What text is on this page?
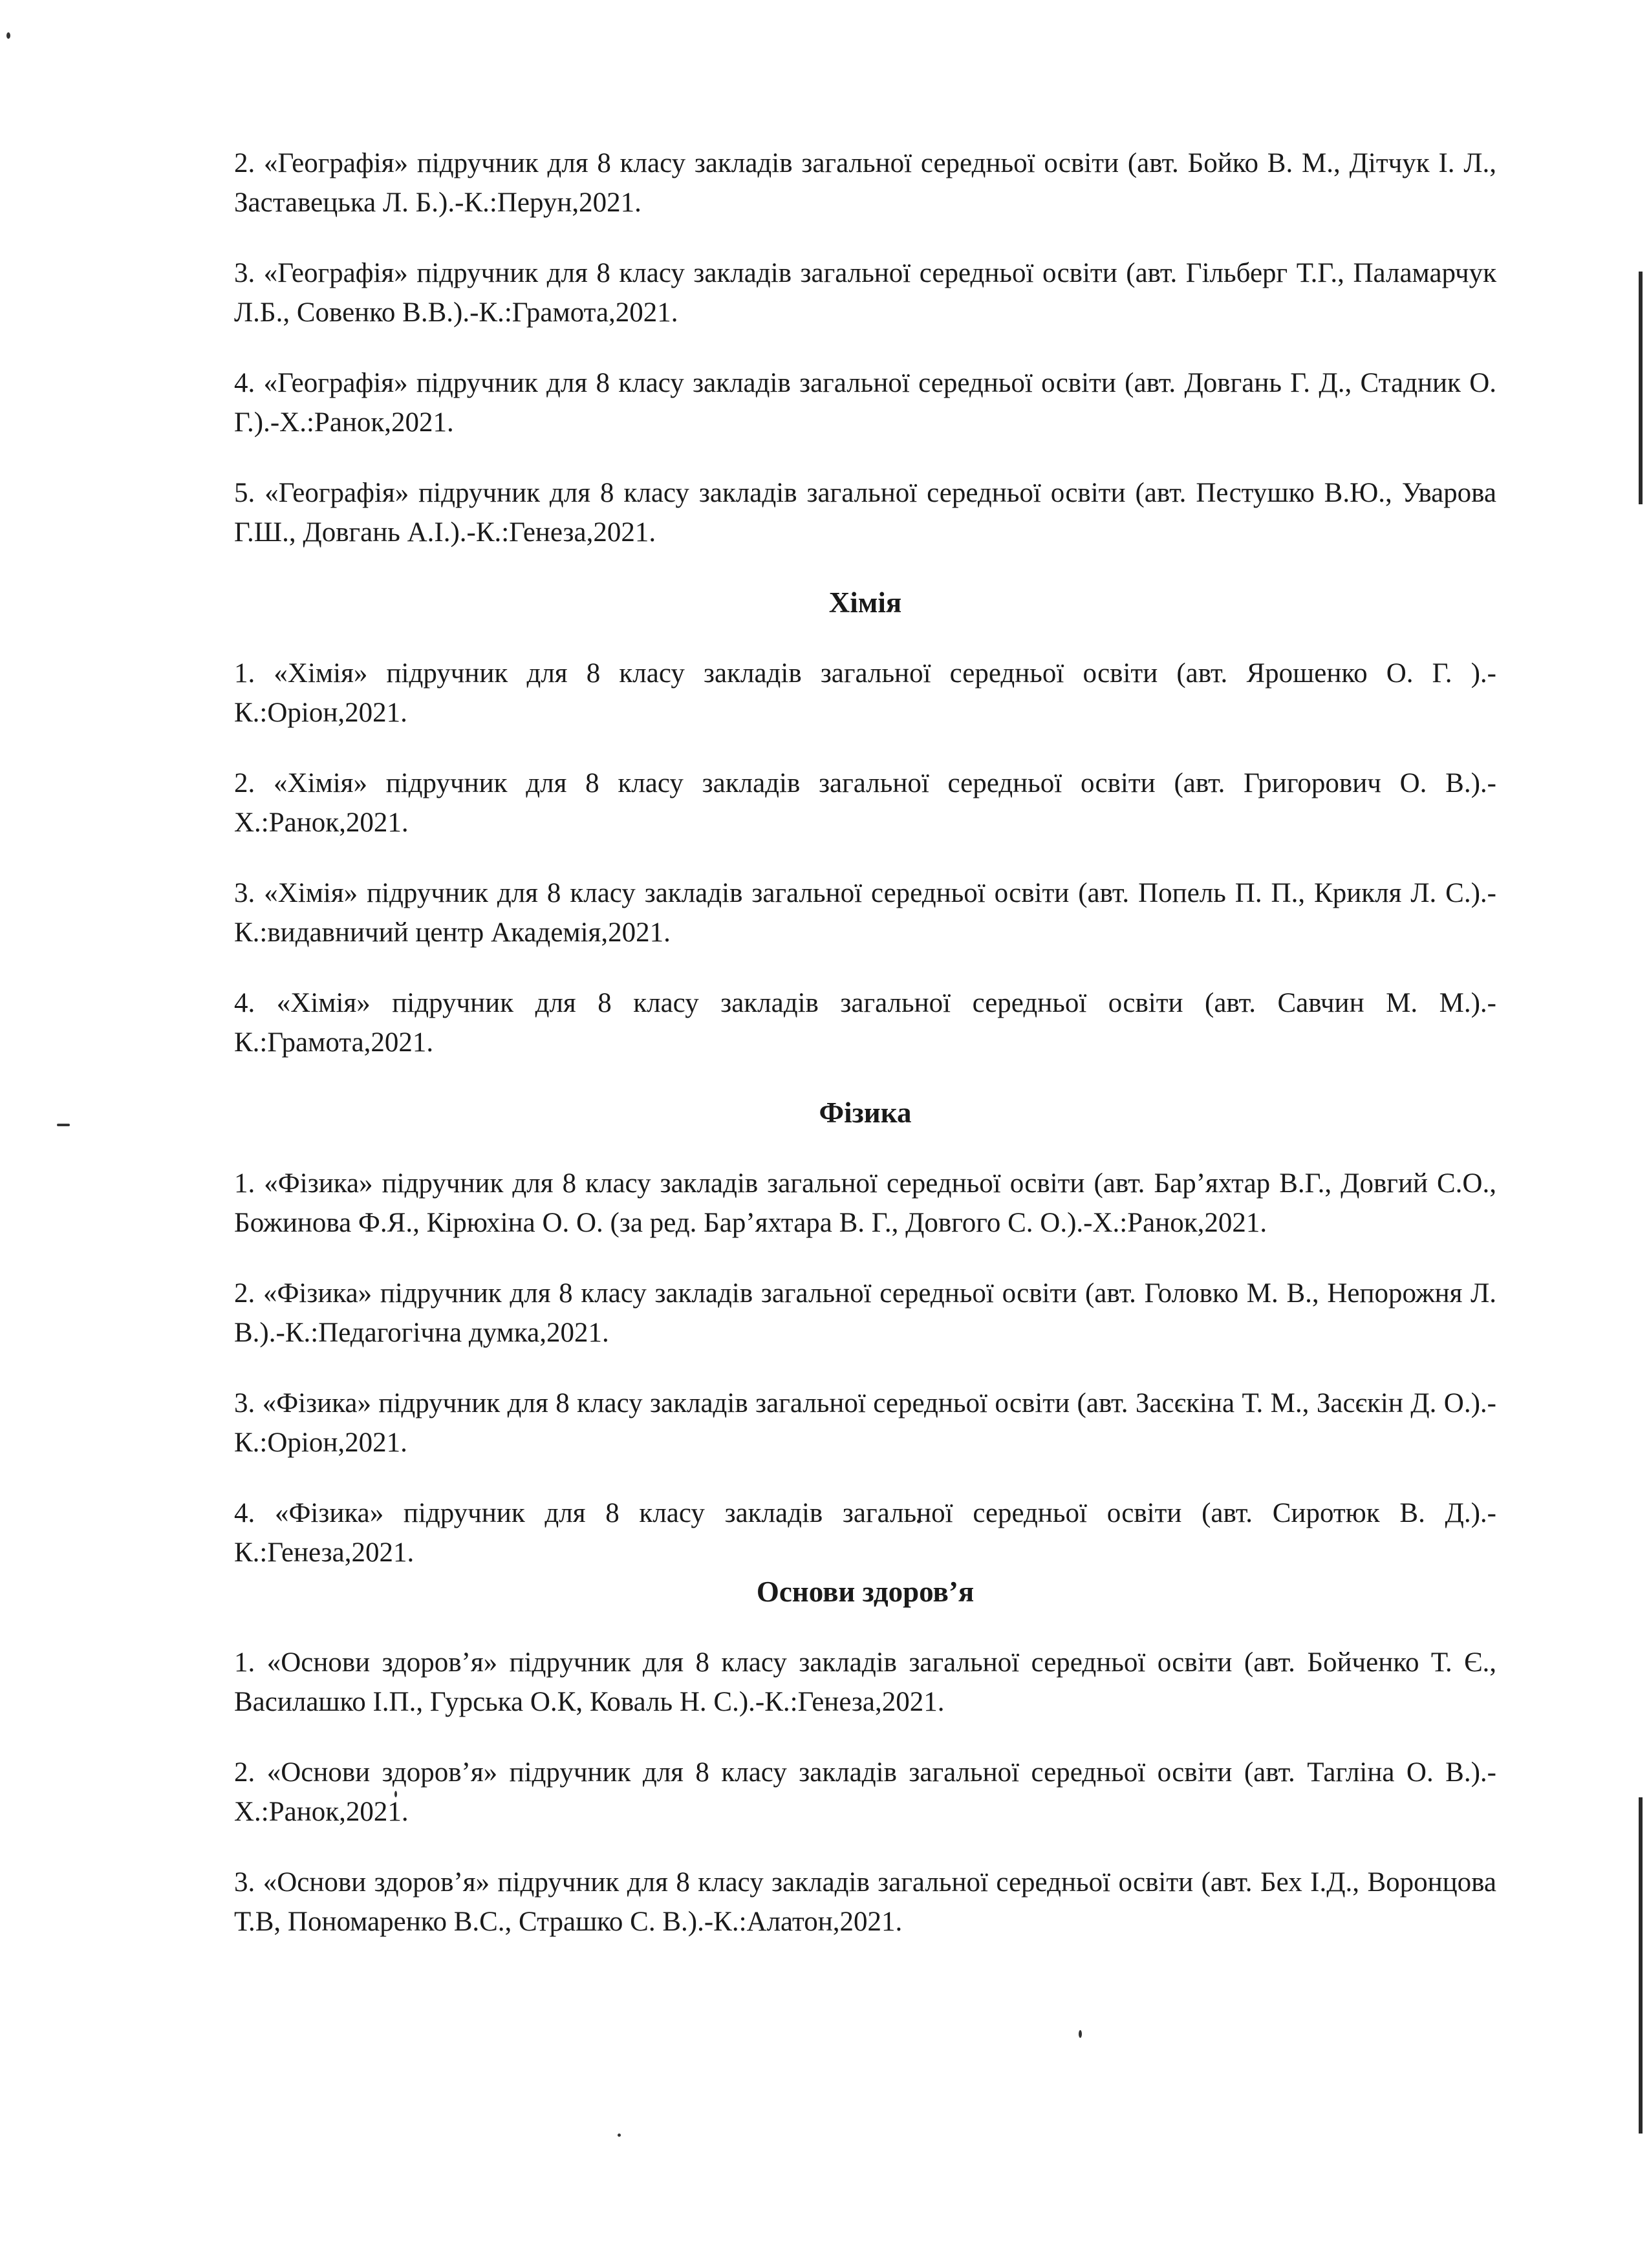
2. «Географія» підручник для 8 класу закладів загальної середньої освіти (авт. Бойко В. М., Дітчук І. Л., Заставецька Л. Б.).-К.:Перун,2021.

3. «Географія» підручник для 8 класу закладів загальної середньої освіти (авт. Гільберг Т.Г., Паламарчук Л.Б., Совенко В.В.).-К.:Грамота,2021.

4. «Географія» підручник для 8 класу закладів загальної середньої освіти (авт. Довгань Г. Д., Стадник О. Г.).-Х.:Ранок,2021.

5. «Географія» підручник для 8 класу закладів загальної середньої освіти (авт. Пестушко В.Ю., Уварова Г.Ш., Довгань А.І.).-К.:Генеза,2021.

Хімія

1. «Хімія» підручник для 8 класу закладів загальної середньої освіти (авт. Ярошенко О. Г. ).-К.:Оріон,2021.

2. «Хімія» підручник для 8 класу закладів загальної середньої освіти (авт. Григорович О. В.).-Х.:Ранок,2021.

3. «Хімія» підручник для 8 класу закладів загальної середньої освіти (авт. Попель П. П., Крикля Л. С.).-К.:видавничий центр Академія,2021.

4. «Хімія» підручник для 8 класу закладів загальної середньої освіти (авт. Савчин М. М.).-К.:Грамота,2021.

Фізика

1. «Фізика» підручник для 8 класу закладів загальної середньої освіти (авт. Бар’яхтар В.Г., Довгий С.О., Божинова Ф.Я., Кірюхіна О. О. (за ред. Бар’яхтара В. Г., Довгого С. О.).-Х.:Ранок,2021.

2. «Фізика» підручник для 8 класу закладів загальної середньої освіти (авт. Головко М. В., Непорожня Л. В.).-К.:Педагогічна думка,2021.

3. «Фізика» підручник для 8 класу закладів загальної середньої освіти (авт. Засєкіна Т. М., Засєкін Д. О.).-К.:Оріон,2021.

4. «Фізика» підручник для 8 класу закладів загальної середньої освіти (авт. Сиротюк В. Д.).-К.:Генеза,2021.

Основи здоров’я

1. «Основи здоров’я» підручник для 8 класу закладів загальної середньої освіти (авт. Бойченко Т. Є., Василашко І.П., Гурська О.К, Коваль Н. С.).-К.:Генеза,2021.

2. «Основи здоров’я» підручник для 8 класу закладів загальної середньої освіти (авт. Тагліна О. В.).-Х.:Ранок,2021.

3. «Основи здоров’я» підручник для 8 класу закладів загальної середньої освіти (авт. Бех І.Д., Воронцова Т.В, Пономаренко В.С., Страшко С. В.).-К.:Алатон,2021.
